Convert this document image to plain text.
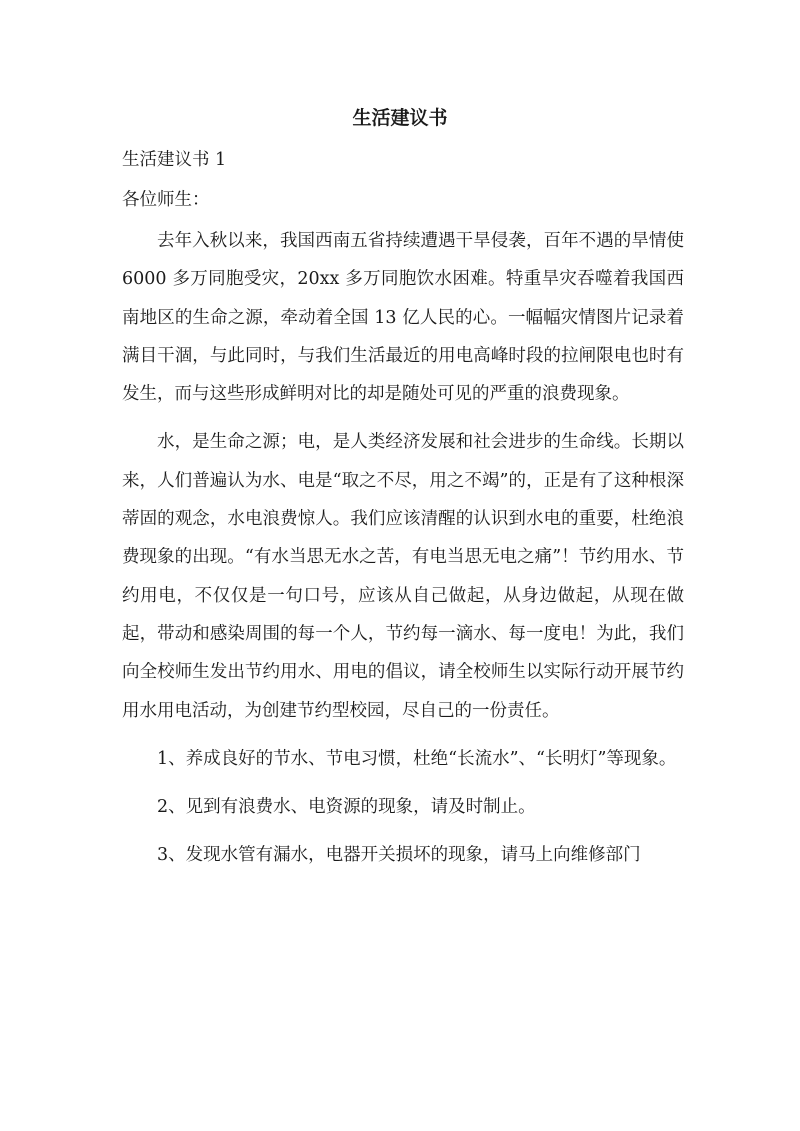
生活建议书

生活建议书 1

各位师生：

去年入秋以来，我国西南五省持续遭遇干旱侵袭，百年不遇的旱情使 6000 多万同胞受灾，20xx 多万同胞饮水困难。特重旱灾吞噬着我国西南地区的生命之源，牵动着全国 13 亿人民的心。一幅幅灾情图片记录着满目干涸，与此同时，与我们生活最近的用电高峰时段的拉闸限电也时有发生，而与这些形成鲜明对比的却是随处可见的严重的浪费现象。

水，是生命之源；电，是人类经济发展和社会进步的生命线。长期以来，人们普遍认为水、电是“取之不尽，用之不竭”的，正是有了这种根深蒂固的观念，水电浪费惊人。我们应该清醒的认识到水电的重要，杜绝浪费现象的出现。“有水当思无水之苦，有电当思无电之痛”！节约用水、节约用电，不仅仅是一句口号，应该从自己做起，从身边做起，从现在做起，带动和感染周围的每一个人，节约每一滴水、每一度电！为此，我们向全校师生发出节约用水、用电的倡议，请全校师生以实际行动开展节约用水用电活动，为创建节约型校园，尽自己的一份责任。

1、养成良好的节水、节电习惯，杜绝“长流水”、“长明灯”等现象。

2、见到有浪费水、电资源的现象，请及时制止。

3、发现水管有漏水，电器开关损坏的现象，请马上向维修部门
